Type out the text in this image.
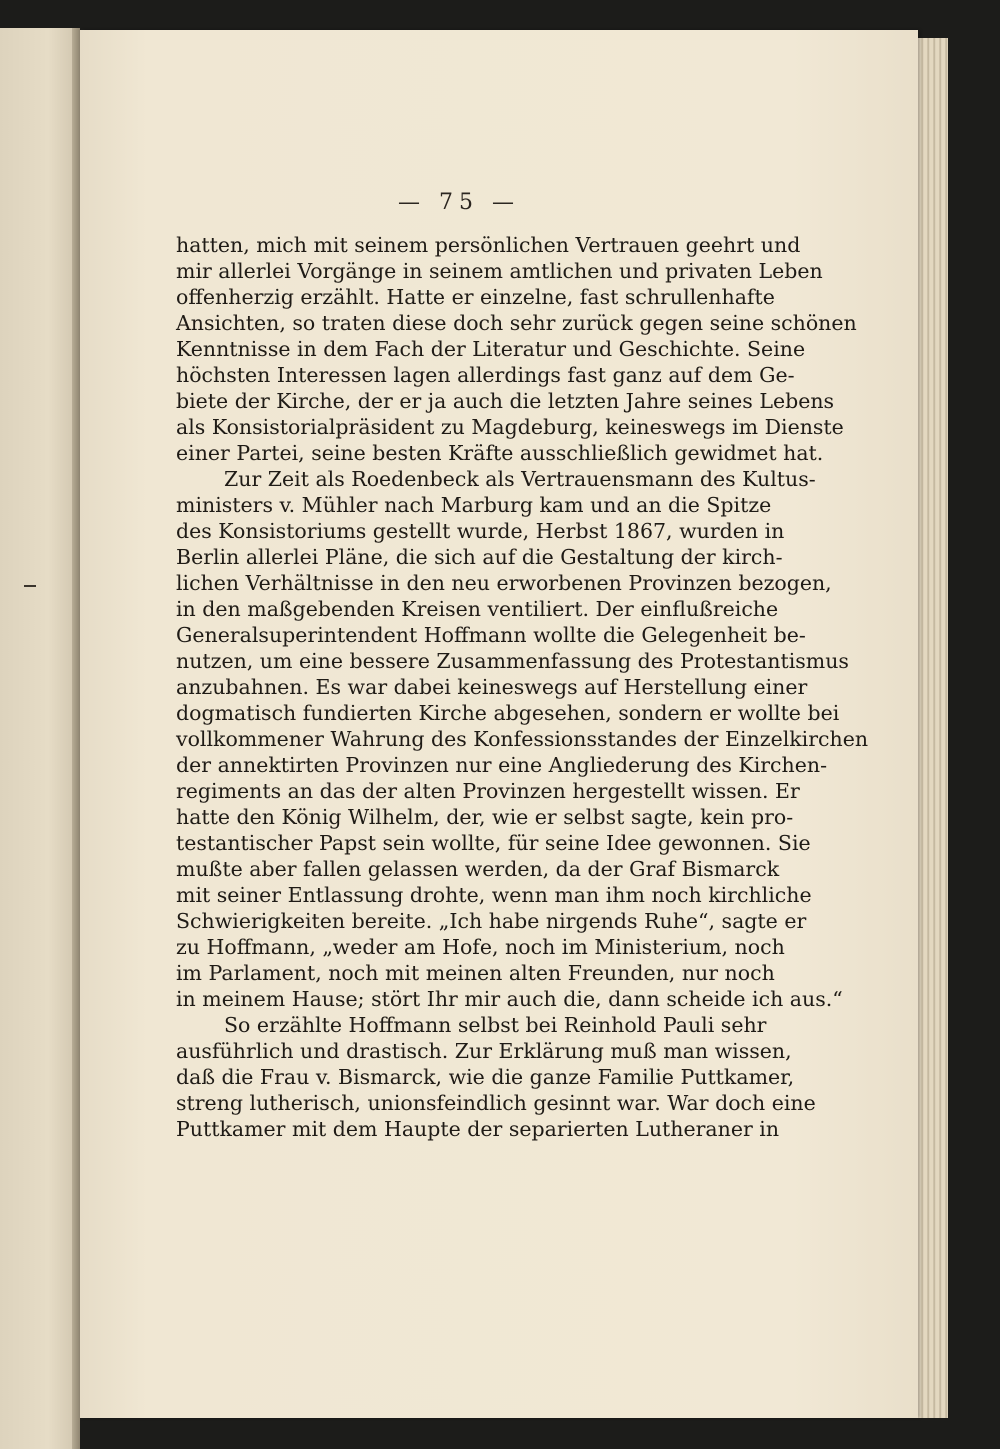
— 75 —
hatten, mich mit seinem persönlichen Vertrauen geehrt und
mir allerlei Vorgänge in seinem amtlichen und privaten Leben
offenherzig erzählt. Hatte er einzelne, fast schrullenhafte
Ansichten, so traten diese doch sehr zurück gegen seine schönen
Kenntnisse in dem Fach der Literatur und Geschichte. Seine
höchsten Interessen lagen allerdings fast ganz auf dem Ge-
biete der Kirche, der er ja auch die letzten Jahre seines Lebens
als Konsistorialpräsident zu Magdeburg, keineswegs im Dienste
einer Partei, seine besten Kräfte ausschließlich gewidmet hat.
Zur Zeit als Roedenbeck als Vertrauensmann des Kultus-
ministers v. Mühler nach Marburg kam und an die Spitze
des Konsistoriums gestellt wurde, Herbst 1867, wurden in
Berlin allerlei Pläne, die sich auf die Gestaltung der kirch-
lichen Verhältnisse in den neu erworbenen Provinzen bezogen,
in den maßgebenden Kreisen ventiliert. Der einflußreiche
Generalsuperintendent Hoffmann wollte die Gelegenheit be-
nutzen, um eine bessere Zusammenfassung des Protestantismus
anzubahnen. Es war dabei keineswegs auf Herstellung einer
dogmatisch fundierten Kirche abgesehen, sondern er wollte bei
vollkommener Wahrung des Konfessionsstandes der Einzelkirchen
der annektirten Provinzen nur eine Angliederung des Kirchen-
regiments an das der alten Provinzen hergestellt wissen. Er
hatte den König Wilhelm, der, wie er selbst sagte, kein pro-
testantischer Papst sein wollte, für seine Idee gewonnen. Sie
mußte aber fallen gelassen werden, da der Graf Bismarck
mit seiner Entlassung drohte, wenn man ihm noch kirchliche
Schwierigkeiten bereite. „Ich habe nirgends Ruhe“, sagte er
zu Hoffmann, „weder am Hofe, noch im Ministerium, noch
im Parlament, noch mit meinen alten Freunden, nur noch
in meinem Hause; stört Ihr mir auch die, dann scheide ich aus.“
So erzählte Hoffmann selbst bei Reinhold Pauli sehr
ausführlich und drastisch. Zur Erklärung muß man wissen,
daß die Frau v. Bismarck, wie die ganze Familie Puttkamer,
streng lutherisch, unionsfeindlich gesinnt war. War doch eine
Puttkamer mit dem Haupte der separierten Lutheraner in
